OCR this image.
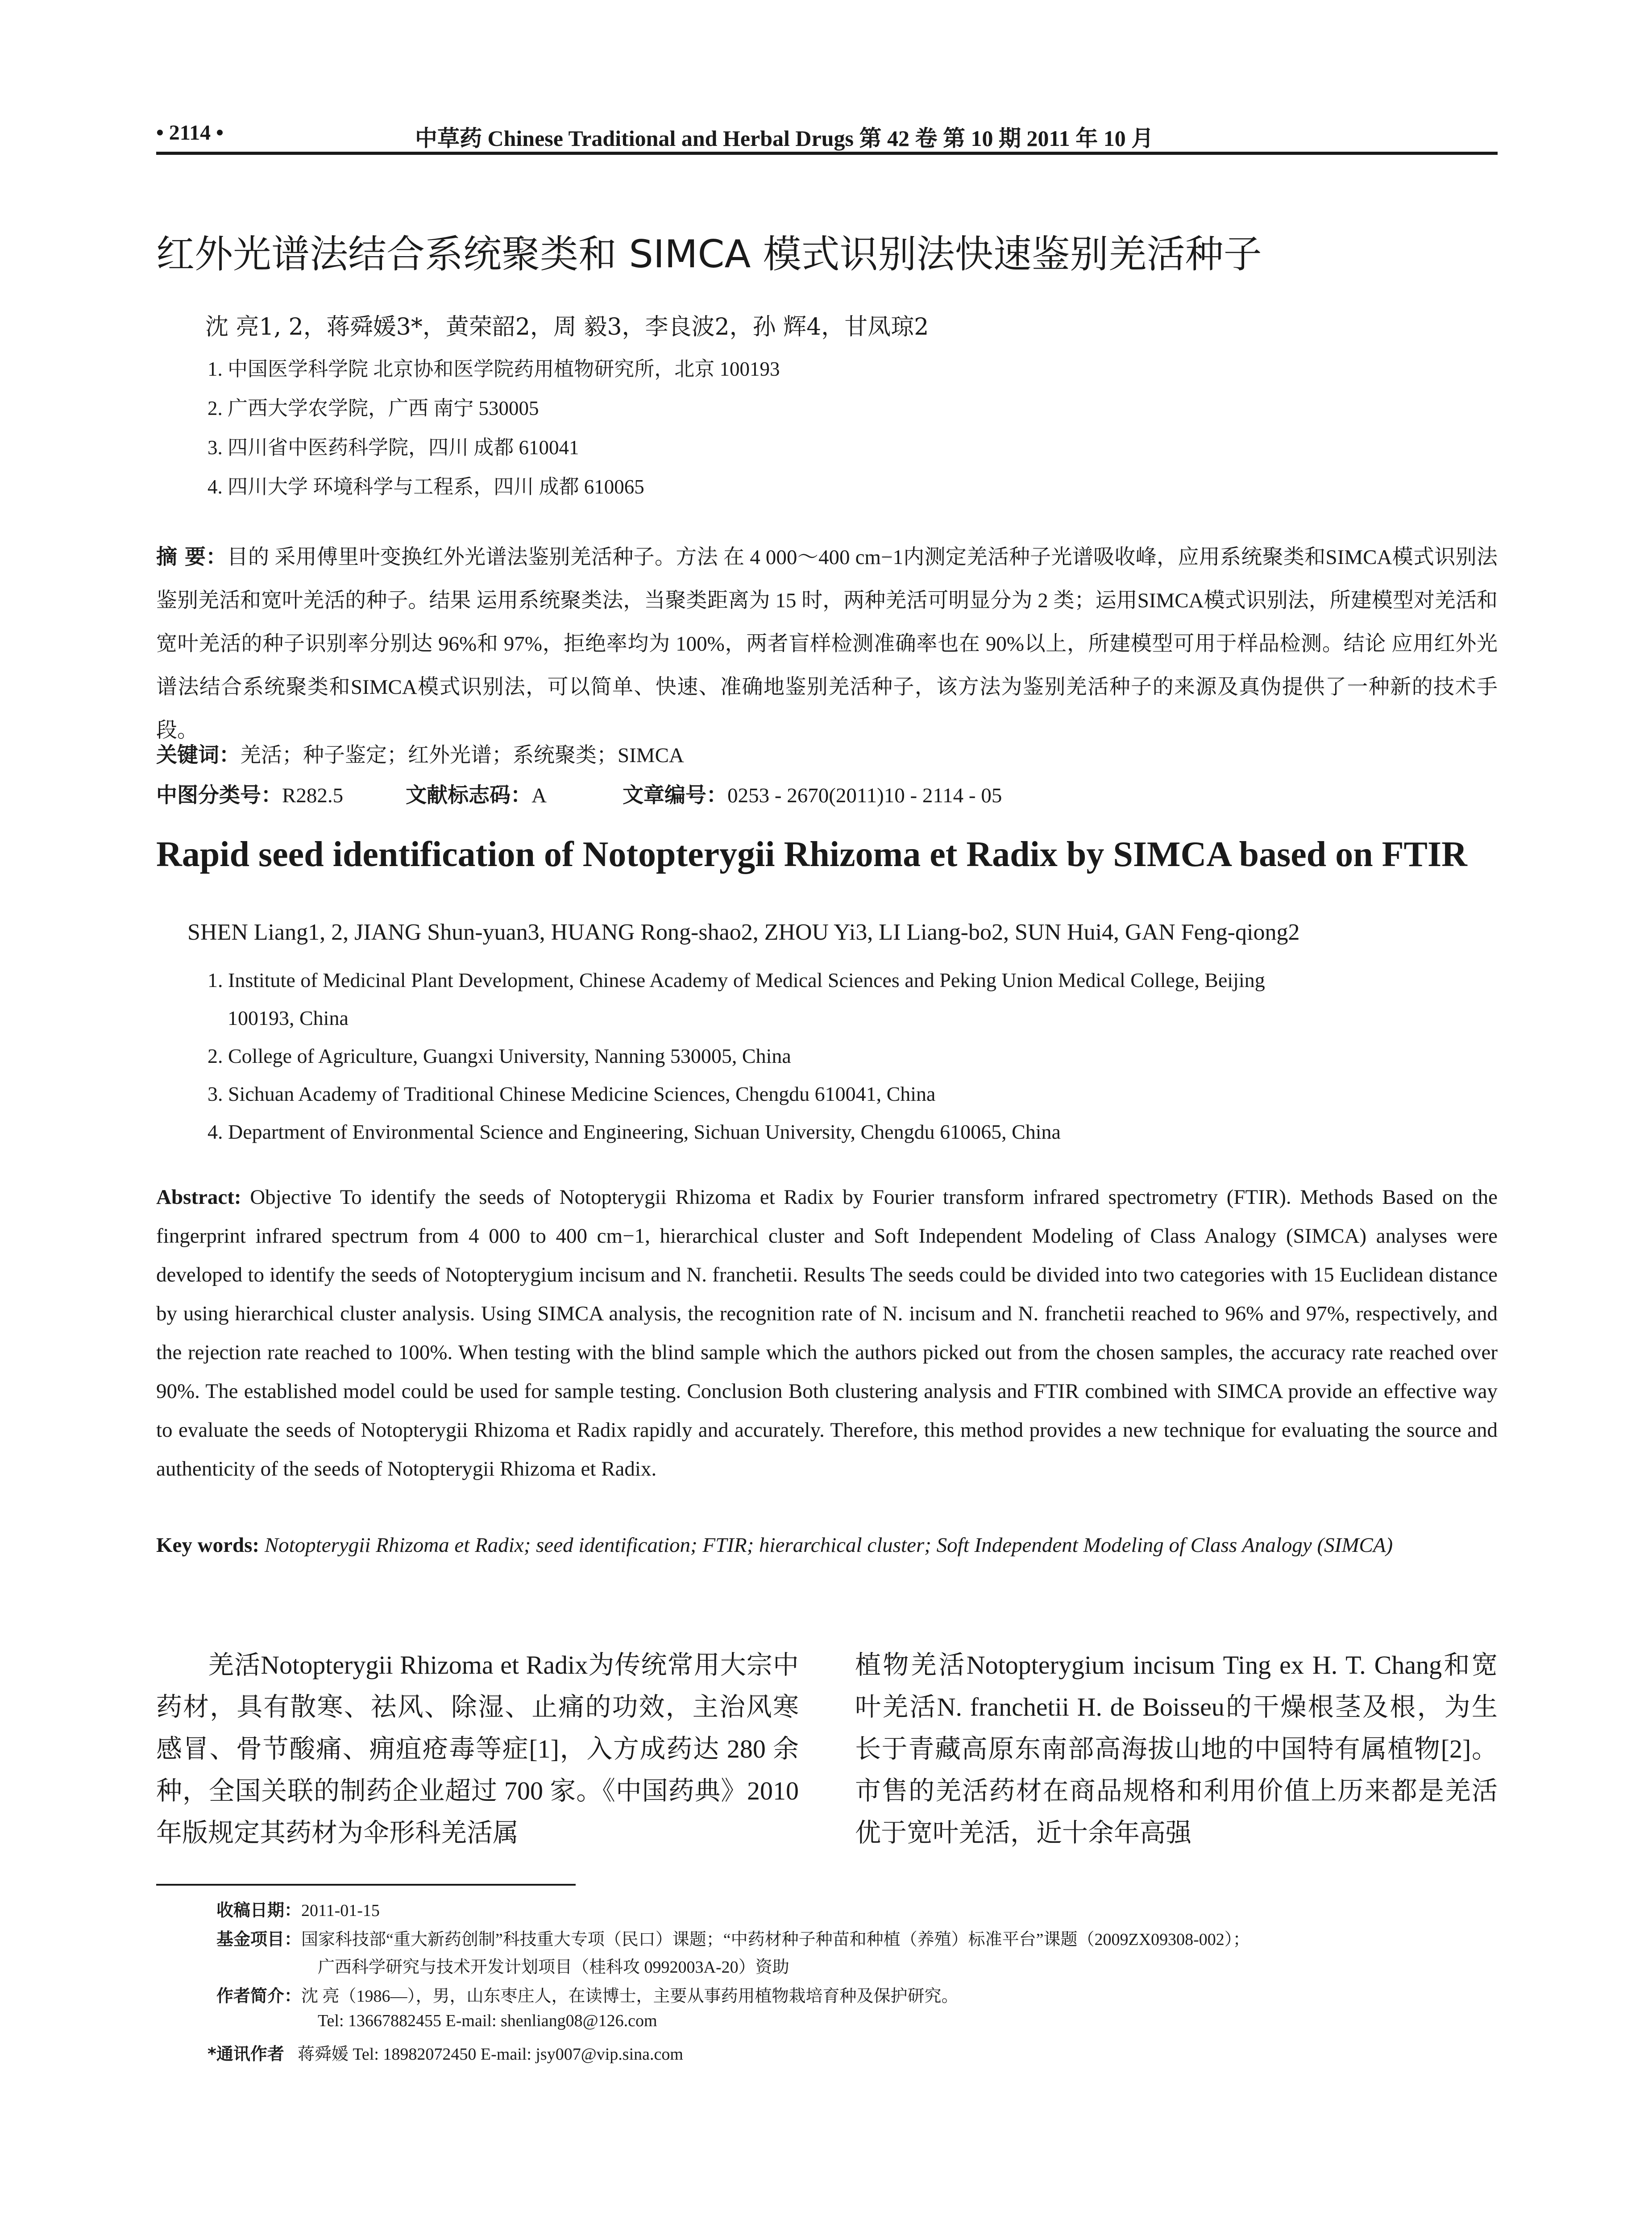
• 2114 •	中草药 Chinese Traditional and Herbal Drugs 第 42 卷 第 10 期 2011 年 10 月
红外光谱法结合系统聚类和 SIMCA 模式识别法快速鉴别羌活种子
沈 亮1, 2，蒋舜媛3*，黄荣韶2，周 毅3，李良波2，孙 辉4，甘凤琼2
1. 中国医学科学院 北京协和医学院药用植物研究所，北京 100193
2. 广西大学农学院，广西 南宁 530005
3. 四川省中医药科学院，四川 成都 610041
4. 四川大学 环境科学与工程系，四川 成都 610065
摘 要：目的 采用傅里叶变换红外光谱法鉴别羌活种子。方法 在 4 000～400 cm−1内测定羌活种子光谱吸收峰，应用系统聚类和SIMCA模式识别法鉴别羌活和宽叶羌活的种子。结果 运用系统聚类法，当聚类距离为 15 时，两种羌活可明显分为 2 类；运用SIMCA模式识别法，所建模型对羌活和宽叶羌活的种子识别率分别达 96%和 97%，拒绝率均为 100%，两者盲样检测准确率也在 90%以上，所建模型可用于样品检测。结论 应用红外光谱法结合系统聚类和SIMCA模式识别法，可以简单、快速、准确地鉴别羌活种子，该方法为鉴别羌活种子的来源及真伪提供了一种新的技术手段。
关键词：羌活；种子鉴定；红外光谱；系统聚类；SIMCA
中图分类号：R282.5	文献标志码：A	文章编号：0253 - 2670(2011)10 - 2114 - 05
Rapid seed identification of Notopterygii Rhizoma et Radix by SIMCA based on FTIR
SHEN Liang1, 2, JIANG Shun-yuan3, HUANG Rong-shao2, ZHOU Yi3, LI Liang-bo2, SUN Hui4, GAN Feng-qiong2
1. Institute of Medicinal Plant Development, Chinese Academy of Medical Sciences and Peking Union Medical College, Beijing
100193, China
2. College of Agriculture, Guangxi University, Nanning 530005, China
3. Sichuan Academy of Traditional Chinese Medicine Sciences, Chengdu 610041, China
4. Department of Environmental Science and Engineering, Sichuan University, Chengdu 610065, China
Abstract: Objective To identify the seeds of Notopterygii Rhizoma et Radix by Fourier transform infrared spectrometry (FTIR). Methods Based on the fingerprint infrared spectrum from 4 000 to 400 cm−1, hierarchical cluster and Soft Independent Modeling of Class Analogy (SIMCA) analyses were developed to identify the seeds of Notopterygium incisum and N. franchetii. Results The seeds could be divided into two categories with 15 Euclidean distance by using hierarchical cluster analysis. Using SIMCA analysis, the recognition rate of N. incisum and N. franchetii reached to 96% and 97%, respectively, and the rejection rate reached to 100%. When testing with the blind sample which the authors picked out from the chosen samples, the accuracy rate reached over 90%. The established model could be used for sample testing. Conclusion Both clustering analysis and FTIR combined with SIMCA provide an effective way to evaluate the seeds of Notopterygii Rhizoma et Radix rapidly and accurately. Therefore, this method provides a new technique for evaluating the source and authenticity of the seeds of Notopterygii Rhizoma et Radix.
Key words: Notopterygii Rhizoma et Radix; seed identification; FTIR; hierarchical cluster; Soft Independent Modeling of Class Analogy (SIMCA)
羌活Notopterygii Rhizoma et Radix为传统常用大宗中药材，具有散寒、祛风、除湿、止痛的功效，主治风寒感冒、骨节酸痛、痈疽疮毒等症[1]，入方成药达 280 余种，全国关联的制药企业超过 700 家。《中国药典》2010 年版规定其药材为伞形科羌活属
植物羌活Notopterygium incisum Ting ex H. T. Chang和宽叶羌活N. franchetii H. de Boisseu的干燥根茎及根，为生长于青藏高原东南部高海拔山地的中国特有属植物[2]。市售的羌活药材在商品规格和利用价值上历来都是羌活优于宽叶羌活，近十余年高强
收稿日期：2011-01-15
基金项目：国家科技部“重大新药创制”科技重大专项（民口）课题；“中药材种子种苗和种植（养殖）标准平台”课题（2009ZX09308-002）；
广西科学研究与技术开发计划项目（桂科攻 0992003A-20）资助
作者简介：沈 亮（1986—），男，山东枣庄人，在读博士，主要从事药用植物栽培育种及保护研究。
Tel: 13667882455 E-mail: shenliang08@126.com
*通讯作者 蒋舜媛 Tel: 18982072450 E-mail: jsy007@vip.sina.com
